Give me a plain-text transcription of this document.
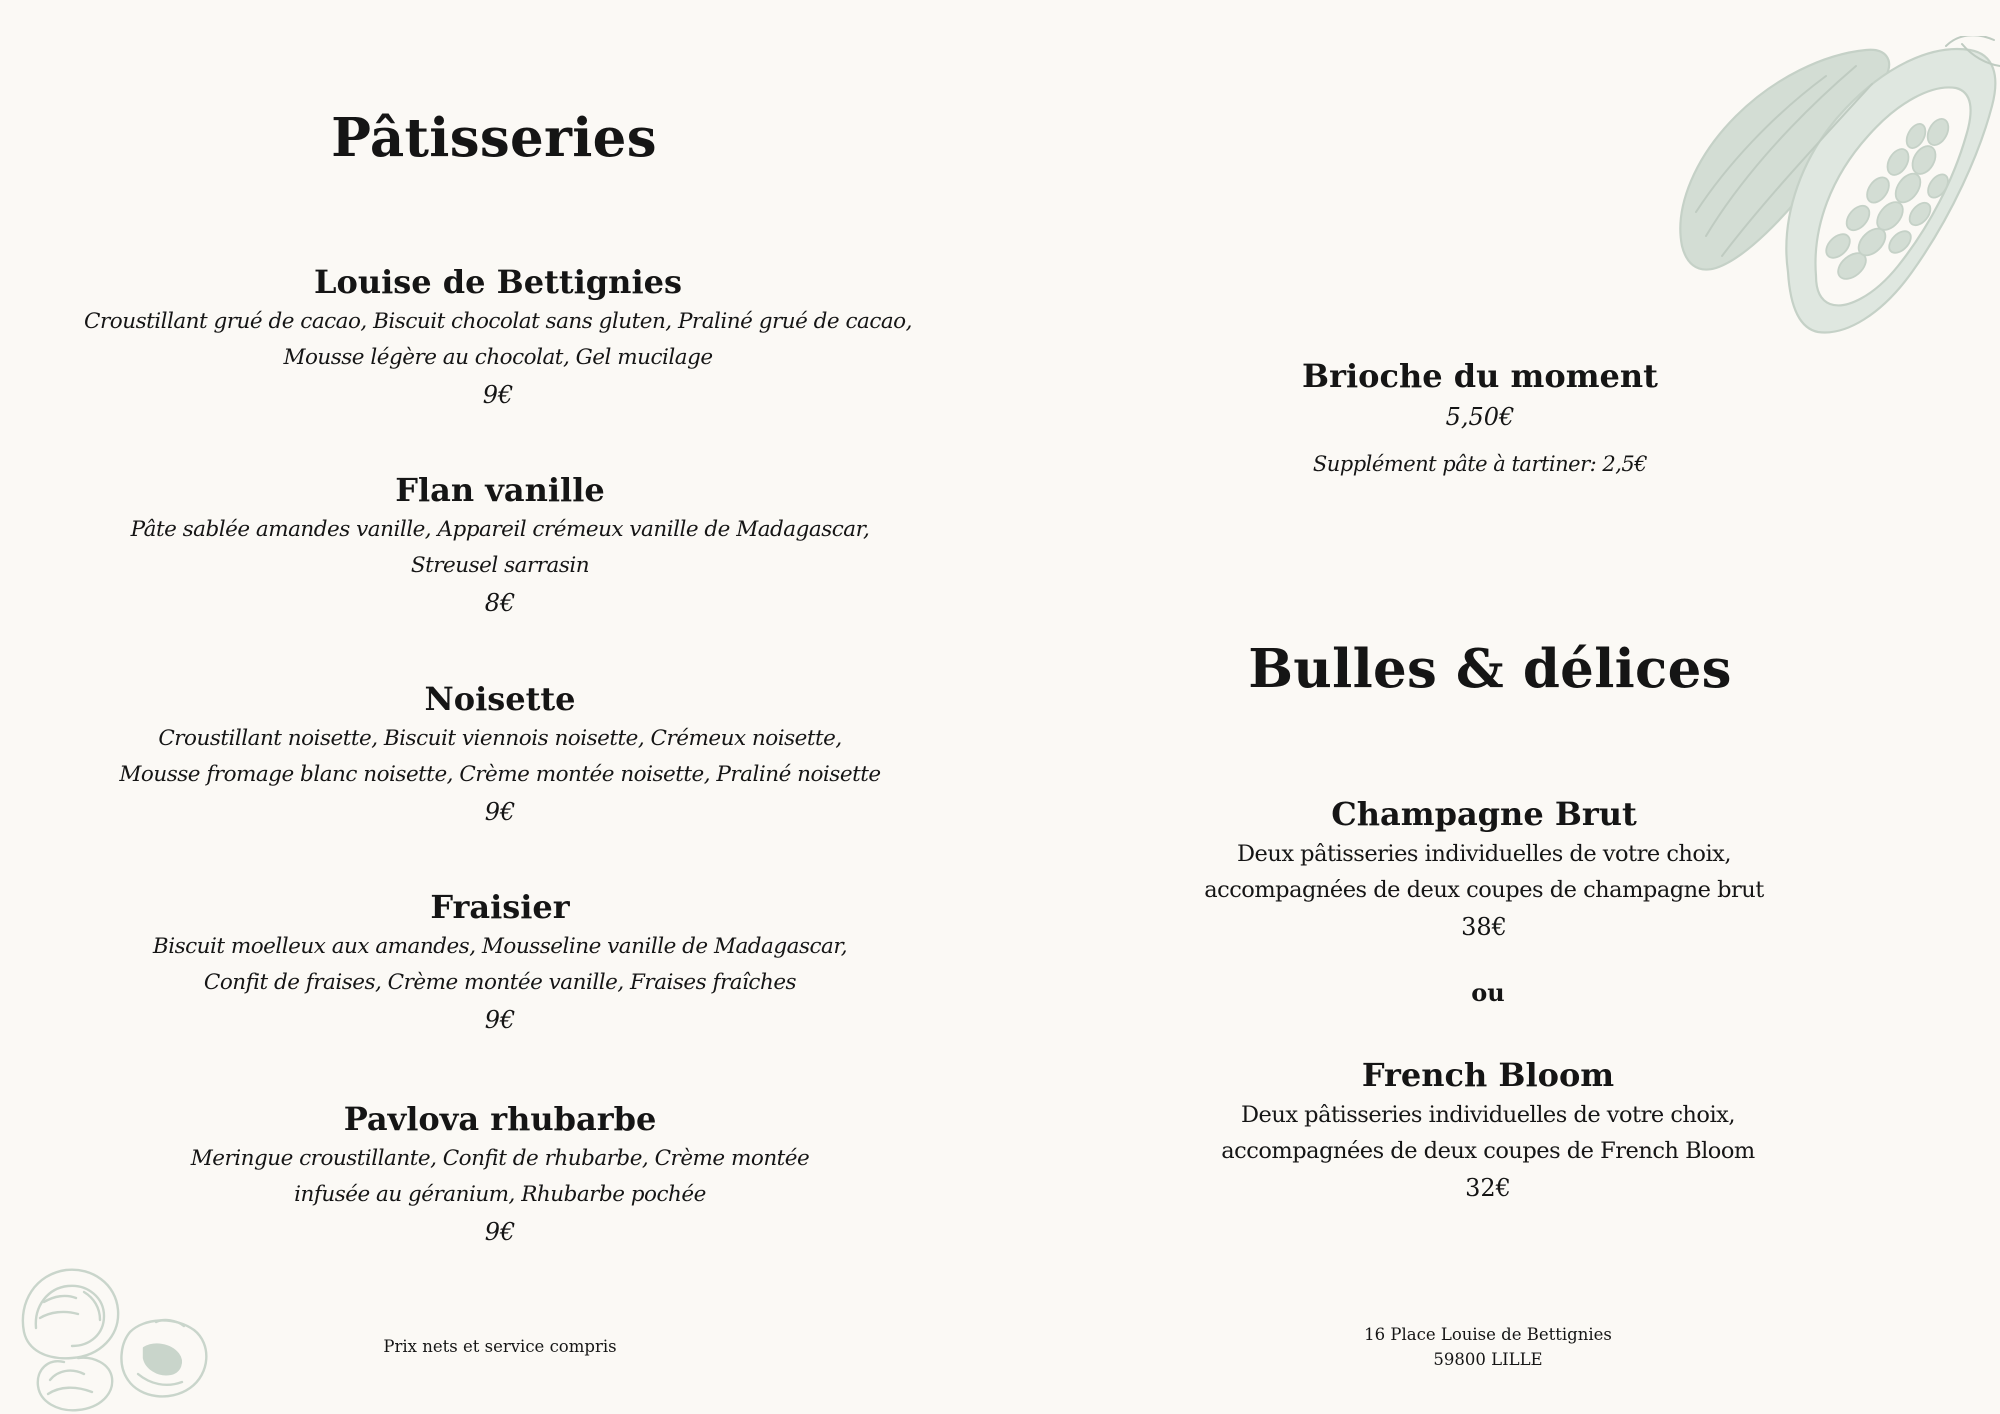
Pâtisseries
Louise de Bettignies
Croustillant grué de cacao, Biscuit chocolat sans gluten, Praliné grué de cacao,
Mousse légère au chocolat, Gel mucilage
9€
Flan vanille
Pâte sablée amandes vanille, Appareil crémeux vanille de Madagascar,
Streusel sarrasin
8€
Noisette
Croustillant noisette, Biscuit viennois noisette, Crémeux noisette,
Mousse fromage blanc noisette, Crème montée noisette, Praliné noisette
9€
Fraisier
Biscuit moelleux aux amandes, Mousseline vanille de Madagascar,
Confit de fraises, Crème montée vanille, Fraises fraîches
9€
Pavlova rhubarbe
Meringue croustillante, Confit de rhubarbe, Crème montée
infusée au géranium, Rhubarbe pochée
9€
Prix nets et service compris
Brioche du moment
5,50€
Supplément pâte à tartiner: 2,5€
Bulles & délices
Champagne Brut
Deux pâtisseries individuelles de votre choix,
accompagnées de deux coupes de champagne brut
38€
ou
French Bloom
Deux pâtisseries individuelles de votre choix,
accompagnées de deux coupes de French Bloom
32€
16 Place Louise de Bettignies
59800 LILLE
